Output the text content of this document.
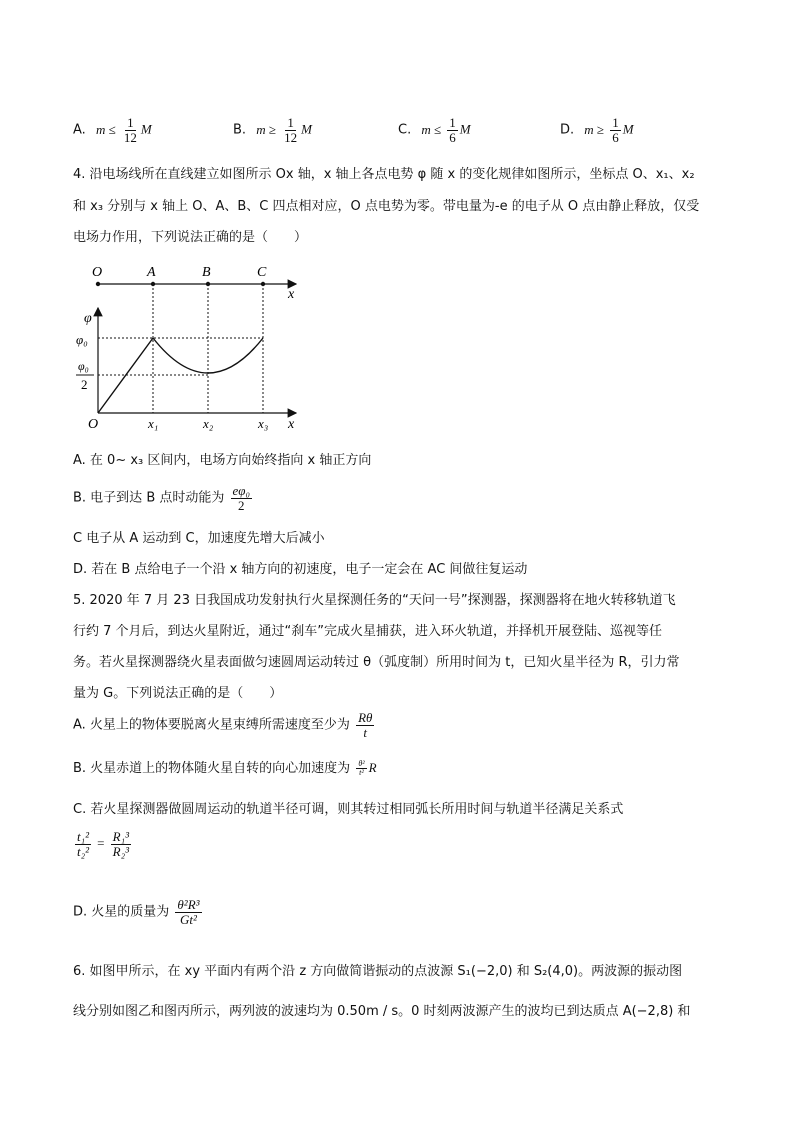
A. $m \le \frac{1}{12}$ M	B. $m \ge \frac{1}{12}$ M	C. $m \le \frac{1}{6}$ M	D. $m \ge \frac{1}{6}$ M
4. 沿电场线所在直线建立如图所示 Ox 轴，x 轴上各点电势 φ 随 x 的变化规律如图所示，坐标点 O、x₁、x₂
和 x₃ 分别与 x 轴上 O、A、B、C 四点相对应，O 点电势为零。带电量为-e 的电子从 O 点由静止释放，仅受
电场力作用，下列说法正确的是（　　）
O	A	B	C
x
φ
x
O
φ₀
φ₀
2
x₁	x₂	x₃
A. 在 0~ x₃ 区间内，电场方向始终指向 x 轴正方向
B. 电子到达 B 点时动能为 $\frac{\text{eφ₀}}{2}$
C 电子从 A 运动到 C，加速度先增大后减小
D. 若在 B 点给电子一个沿 x 轴方向的初速度，电子一定会在 AC 间做往复运动
5. 2020 年 7 月 23 日我国成功发射执行火星探测任务的“天问一号”探测器，探测器将在地火转移轨道飞
行约 7 个月后，到达火星附近，通过“刹车”完成火星捕获，进入环火轨道，并择机开展登陆、巡视等任
务。若火星探测器绕火星表面做匀速圆周运动转过 θ（弧度制）所用时间为 t，已知火星半径为 R，引力常
量为 G。下列说法正确的是（　　）
A. 火星上的物体要脱离火星束缚所需速度至少为 $\frac{R\theta}{t}$
B. 火星赤道上的物体随火星自转的向心加速度为 $\frac{\text{θ²}}{\text{t²}}$ R
C. 若火星探测器做圆周运动的轨道半径可调，则其转过相同弧长所用时间与轨道半径满足关系式
$\frac{\text{t₁²}}{\text{t₂²}} = \frac{\text{R₁³}}{\text{R₂³}}$
D. 火星的质量为 $\frac{\text{θ²R³}}{\text{Gt²}}$
6. 如图甲所示，在 xy 平面内有两个沿 z 方向做简谐振动的点波源 S₁(−2,0) 和 S₂(4,0)。两波源的振动图
线分别如图乙和图丙所示，两列波的波速均为 0.50m / s。0 时刻两波源产生的波均已到达质点 A(−2,8) 和
